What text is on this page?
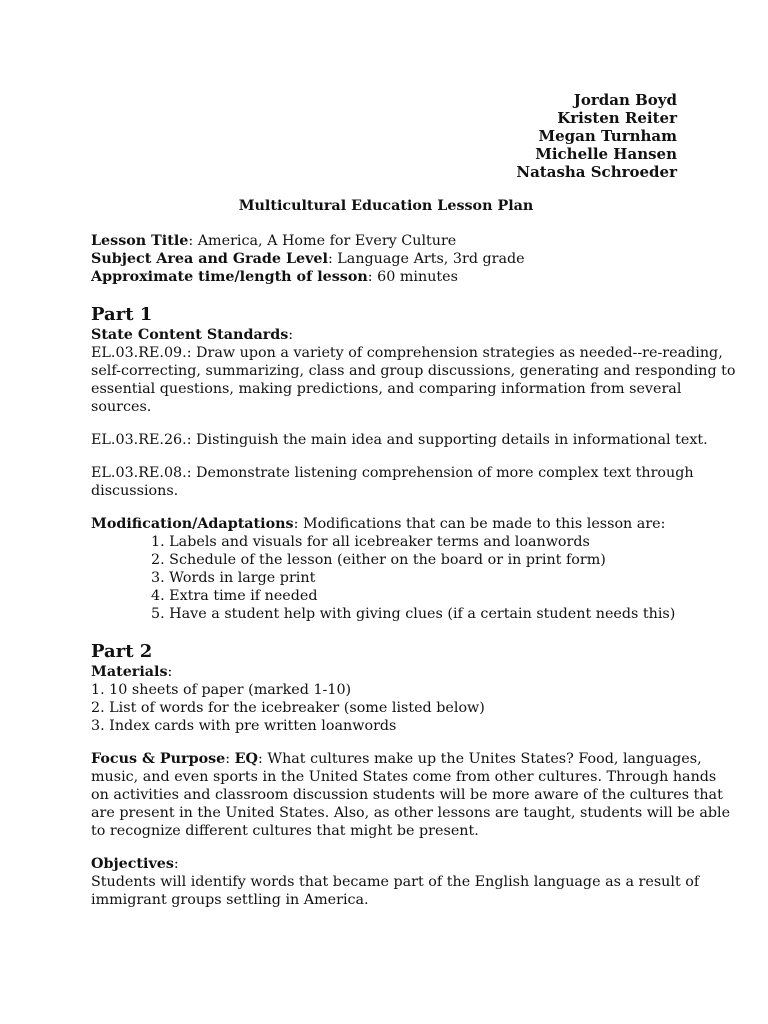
Jordan Boyd
Kristen Reiter
Megan Turnham
Michelle Hansen
Natasha Schroeder
Multicultural Education Lesson Plan
Lesson Title: America, A Home for Every Culture
Subject Area and Grade Level: Language Arts, 3rd grade
Approximate time/length of lesson: 60 minutes
Part 1
State Content Standards:
EL.03.RE.09.: Draw upon a variety of comprehension strategies as needed--re-reading,
self-correcting, summarizing, class and group discussions, generating and responding to
essential questions, making predictions, and comparing information from several
sources.
EL.03.RE.26.: Distinguish the main idea and supporting details in informational text.
EL.03.RE.08.: Demonstrate listening comprehension of more complex text through
discussions.
Modification/Adaptations: Modifications that can be made to this lesson are:
1. Labels and visuals for all icebreaker terms and loanwords
2. Schedule of the lesson (either on the board or in print form)
3. Words in large print
4. Extra time if needed
5. Have a student help with giving clues (if a certain student needs this)
Part 2
Materials:
1. 10 sheets of paper (marked 1-10)
2. List of words for the icebreaker (some listed below)
3. Index cards with pre written loanwords
Focus & Purpose: EQ: What cultures make up the Unites States? Food, languages,
music, and even sports in the United States come from other cultures. Through hands
on activities and classroom discussion students will be more aware of the cultures that
are present in the United States. Also, as other lessons are taught, students will be able
to recognize different cultures that might be present.
Objectives:
Students will identify words that became part of the English language as a result of
immigrant groups settling in America.
